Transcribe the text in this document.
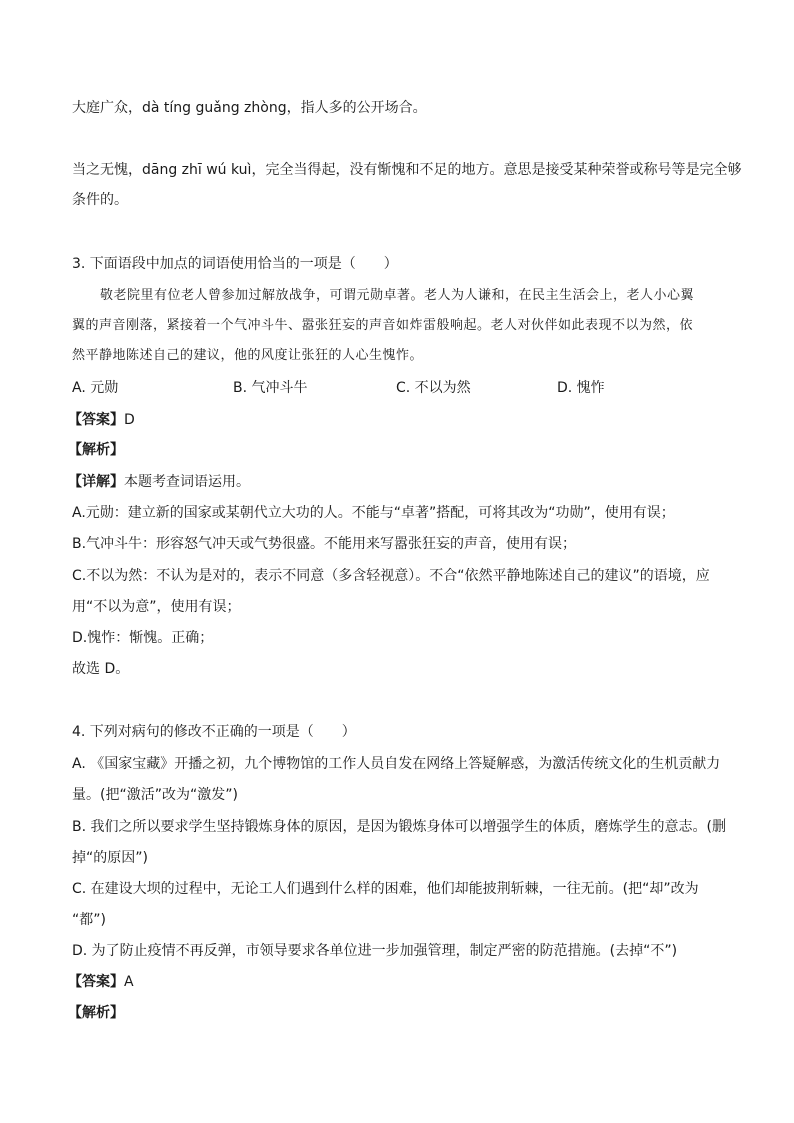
大庭广众，dà tíng guǎng zhòng，指人多的公开场合。
当之无愧，dāng zhī wú kuì，完全当得起，没有惭愧和不足的地方。意思是接受某种荣誉或称号等是完全够
条件的。
3. 下面语段中加点的词语使用恰当的一项是（　　）
敬老院里有位老人曾参加过解放战争，可谓元勋卓著。老人为人谦和，在民主生活会上，老人小心翼
翼的声音刚落，紧接着一个气冲斗牛、嚣张狂妄的声音如炸雷般响起。老人对伙伴如此表现不以为然，依
然平静地陈述自己的建议，他的风度让张狂的人心生愧怍。
A. 元勋	B. 气冲斗牛	C. 不以为然	D. 愧怍
【答案】D
【解析】
【详解】本题考查词语运用。
A.元勋：建立新的国家或某朝代立大功的人。不能与“卓著”搭配，可将其改为“功勋”，使用有误；
B.气冲斗牛：形容怒气冲天或气势很盛。不能用来写嚣张狂妄的声音，使用有误；
C.不以为然：不认为是对的，表示不同意（多含轻视意）。不合“依然平静地陈述自己的建议”的语境，应
用“不以为意”，使用有误；
D.愧怍：惭愧。正确；
故选 D。
4. 下列对病句的修改不正确的一项是（　　）
A. 《国家宝藏》开播之初，九个博物馆的工作人员自发在网络上答疑解惑，为激活传统文化的生机贡献力
量。(把“激活”改为“激发”)
B. 我们之所以要求学生坚持锻炼身体的原因，是因为锻炼身体可以增强学生的体质，磨炼学生的意志。(删
掉“的原因”)
C. 在建设大坝的过程中，无论工人们遇到什么样的困难，他们却能披荆斩棘，一往无前。(把“却”改为
“都”)
D. 为了防止疫情不再反弹，市领导要求各单位进一步加强管理，制定严密的防范措施。(去掉“不”)
【答案】A
【解析】
